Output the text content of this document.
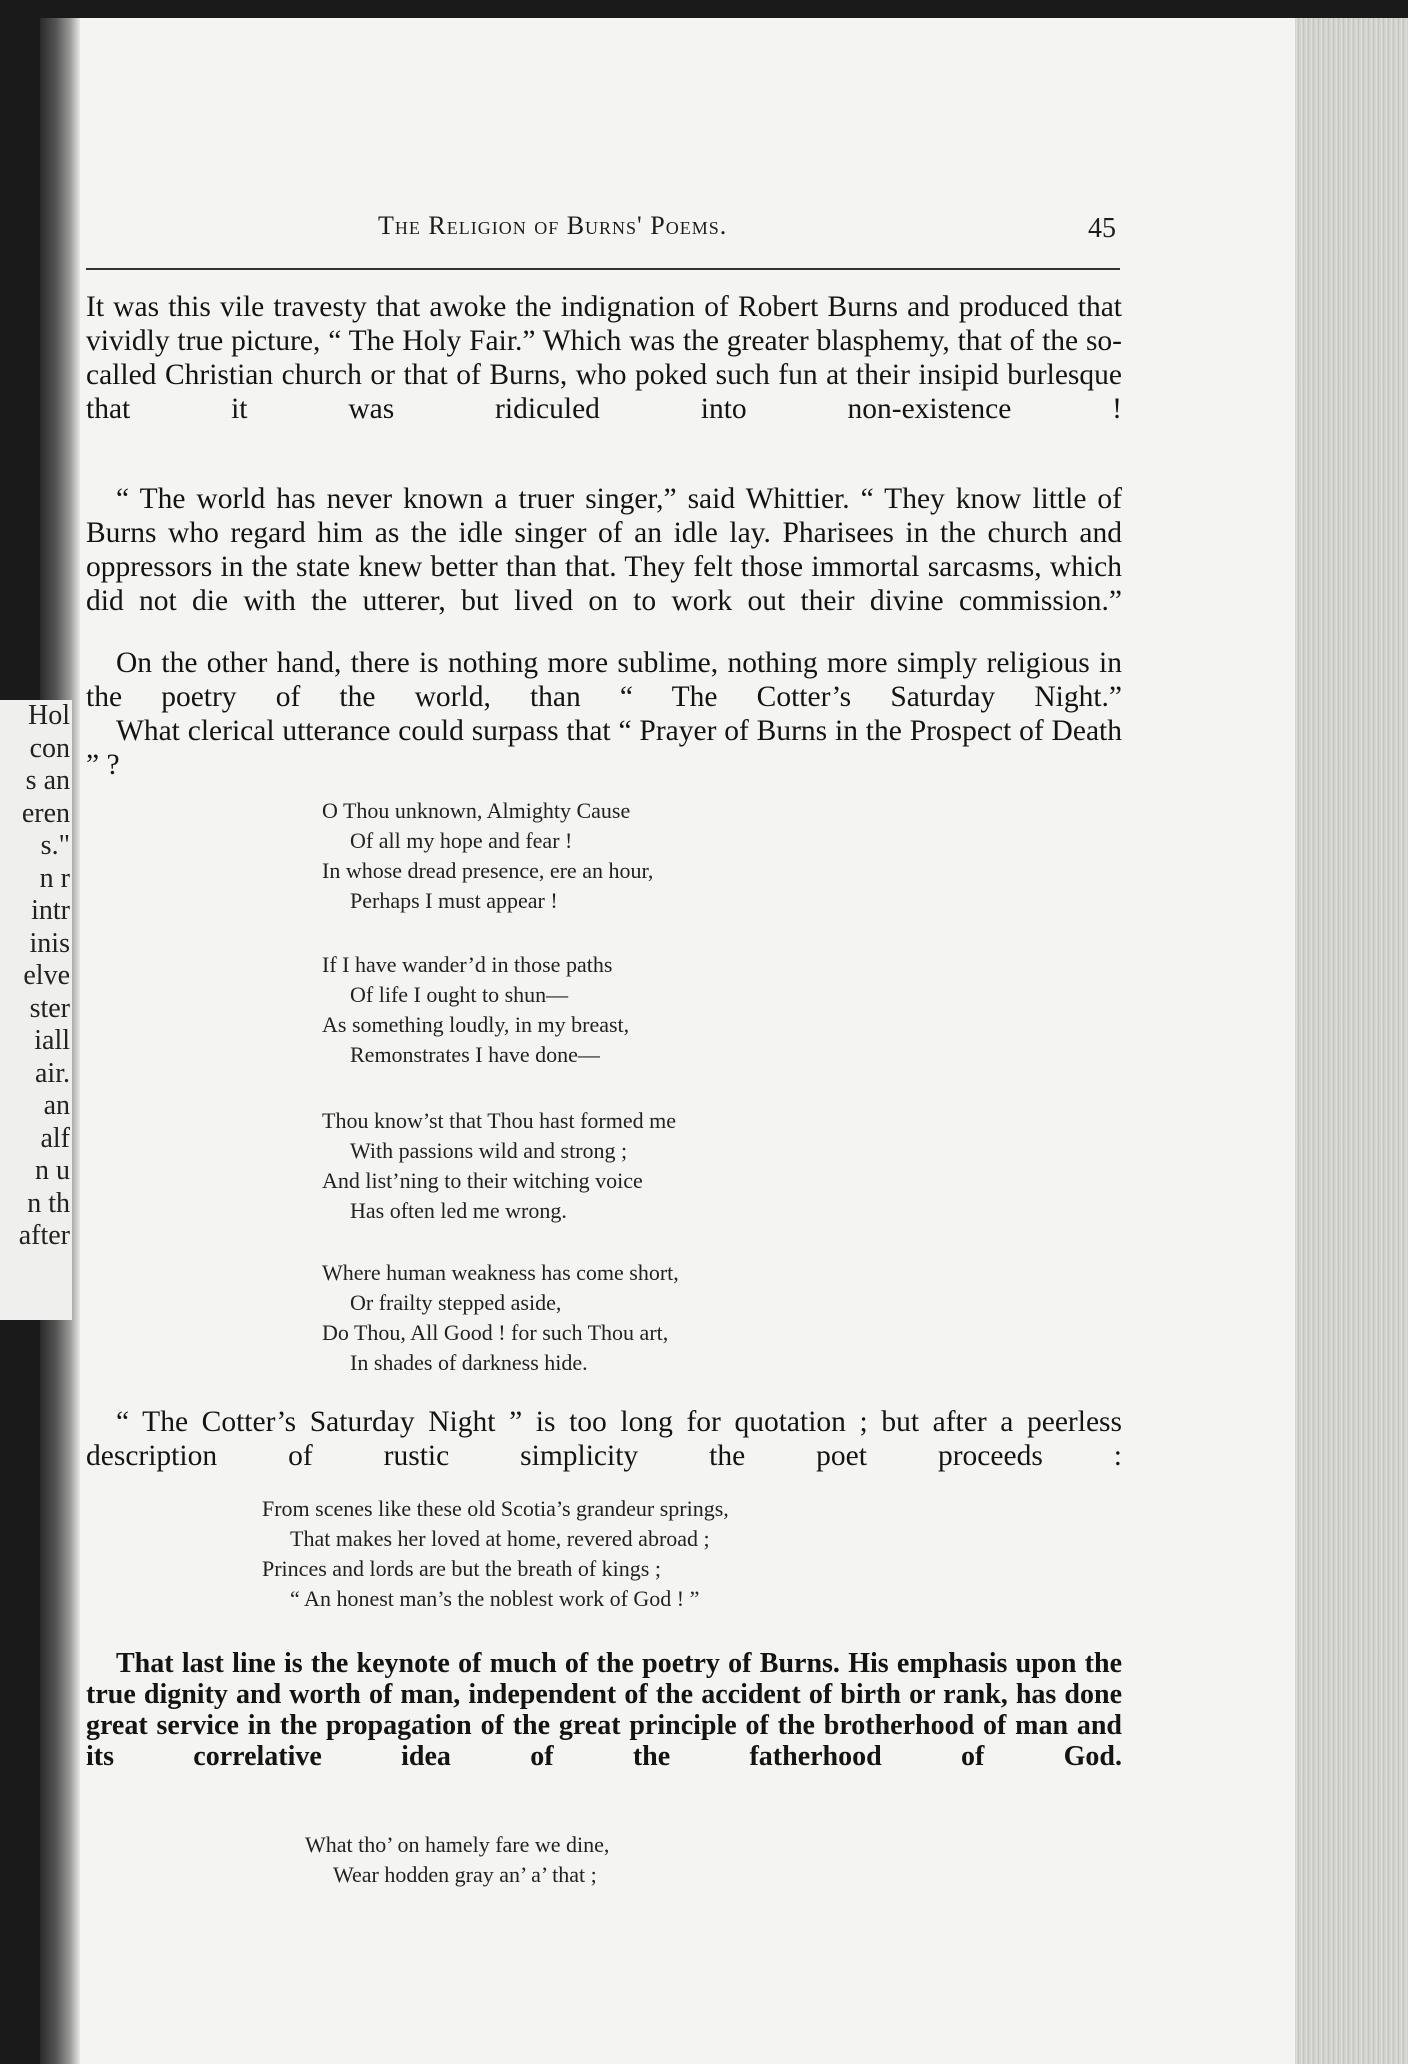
Hol
con
s an
eren
s."
n r
intr
inis
elve
ster
iall
air.
an
alf
n u
n th
after
The Religion of Burns' Poems.	45

It was this vile travesty that awoke the indignation of Robert Burns and produced that vividly true picture, “ The Holy Fair.” Which was the greater blasphemy, that of the so-called Christian church or that of Burns, who poked such fun at their insipid burlesque that it was ridiculed into non-existence !

“ The world has never known a truer singer,” said Whittier. “ They know little of Burns who regard him as the idle singer of an idle lay. Pharisees in the church and oppressors in the state knew better than that. They felt those immortal sarcasms, which did not die with the utterer, but lived on to work out their divine commission.”

On the other hand, there is nothing more sublime, nothing more simply religious in the poetry of the world, than “ The Cotter’s Saturday Night.”

What clerical utterance could surpass that “ Prayer of Burns in the Prospect of Death ” ?

O Thou unknown, Almighty Cause
Of all my hope and fear !
In whose dread presence, ere an hour,
Perhaps I must appear !
If I have wander’d in those paths
Of life I ought to shun—
As something loudly, in my breast,
Remonstrates I have done—
Thou know’st that Thou hast formed me
With passions wild and strong ;
And list’ning to their witching voice
Has often led me wrong.
Where human weakness has come short,
Or frailty stepped aside,
Do Thou, All Good ! for such Thou art,
In shades of darkness hide.

“ The Cotter’s Saturday Night ” is too long for quotation ; but after a peerless description of rustic simplicity the poet proceeds :

From scenes like these old Scotia’s grandeur springs,
That makes her loved at home, revered abroad ;
Princes and lords are but the breath of kings ;
“ An honest man’s the noblest work of God ! ”

That last line is the keynote of much of the poetry of Burns. His emphasis upon the true dignity and worth of man, independent of the accident of birth or rank, has done great service in the propagation of the great principle of the brotherhood of man and its correlative idea of the fatherhood of God.

What tho’ on hamely fare we dine,
Wear hodden gray an’ a’ that ;
